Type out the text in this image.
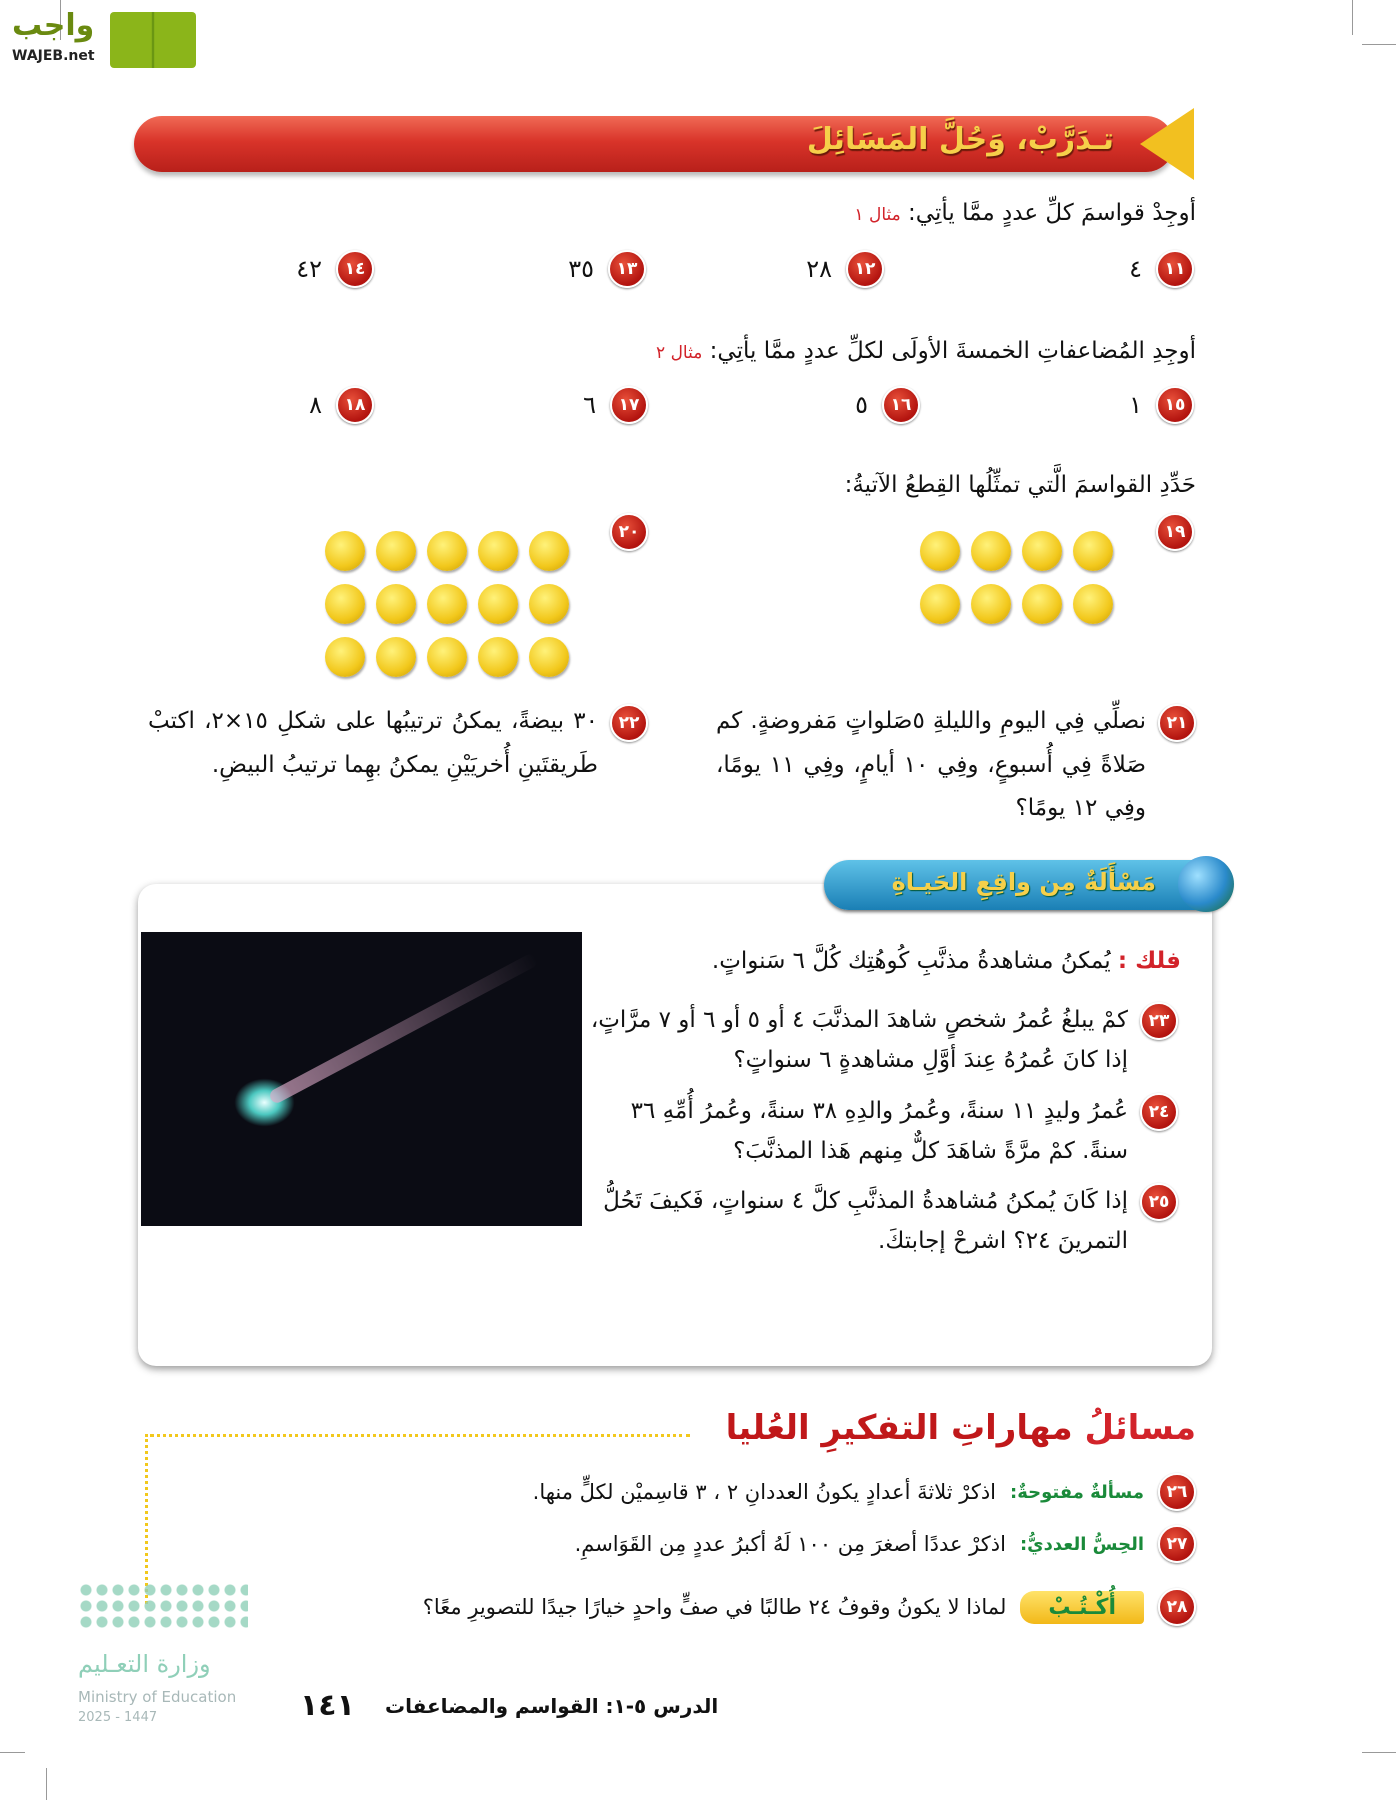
واجب
WAJEB.net
تـدَرَّبْ، وَحُلَّ المَسَائِلَ
أوجِدْ قواسمَ كلِّ عددٍ ممَّا يأتِي: مثال ١
١١
٤
١٢
٢٨
١٣
٣٥
١٤
٤٢
أوجِدِ المُضاعفاتِ الخمسةَ الأولَى لكلِّ عددٍ ممَّا يأتِي: مثال ٢
١٥
١
١٦
٥
١٧
٦
١٨
٨
حَدِّدِ القواسمَ الَّتي تمثِّلُها القِطعُ الآتيةُ:
١٩
٢٠
٢١
نصلِّي فِي اليومِ والليلةِ ٥صَلواتٍ مَفروضةٍ. كم صَلاةً فِي أُسبوعٍ، وفِي ١٠ أيامٍ، وفِي ١١ يومًا، وفِي ١٢ يومًا؟
٢٢
٣٠ بيضةً، يمكنُ ترتيبُها على شكلِ ١٥×٢، اكتبْ طَريقتَينِ أُخريَيْنِ يمكنُ بهِما ترتيبُ البيضِ.
مَسْأَلَةٌ مِن واقِعِ الحَيـاةِ
فلك : يُمكنُ مشاهدةُ مذنَّبِ كُوهُتِك كُلَّ ٦ سَنواتٍ.
٢٣
كمْ يبلغُ عُمرُ شخصٍ شاهدَ المذنَّبَ ٤ أو ٥ أو ٦ أو ٧ مرَّاتٍ، إذا كانَ عُمرُهُ عِندَ أوَّلِ مشاهدةٍ ٦ سنواتٍ؟
٢٤
عُمرُ وليدٍ ١١ سنةً، وعُمرُ والدِهِ ٣٨ سنةً، وعُمرُ أُمِّهِ ٣٦ سنةً. كمْ مرَّةً شاهَدَ كلٌّ مِنهم هَذا المذنَّبَ؟
٢٥
إذا كَانَ يُمكنُ مُشاهدةُ المذنَّبِ كلَّ ٤ سنواتٍ، فَكيفَ تَحُلُّ التمرينَ ٢٤؟ اشرحْ إجابتكَ.
مسائلُ مهاراتِ التفكيرِ العُليا
٢٦
مسألةٌ مفتوحةٌ:
اذكرْ ثلاثةَ أعدادٍ يكونُ العددانِ ٢ ، ٣ قاسِميْن لكلٍّ منها.
٢٧
الحِسُّ العدديُّ:
اذكرْ عددًا أصغرَ مِن ١٠٠ لَهُ أكبرُ عددٍ مِن القَوَاسمِ.
٢٨
أُكْـتُـبْ
لماذا لا يكونُ وقوفُ ٢٤ طالبًا في صفٍّ واحدٍ خيارًا جيدًا للتصويرِ معًا؟
وزارة التعـليم
Ministry of Education
2025 - 1447	١٤١ الدرس ٥-١: القواسم والمضاعفات
